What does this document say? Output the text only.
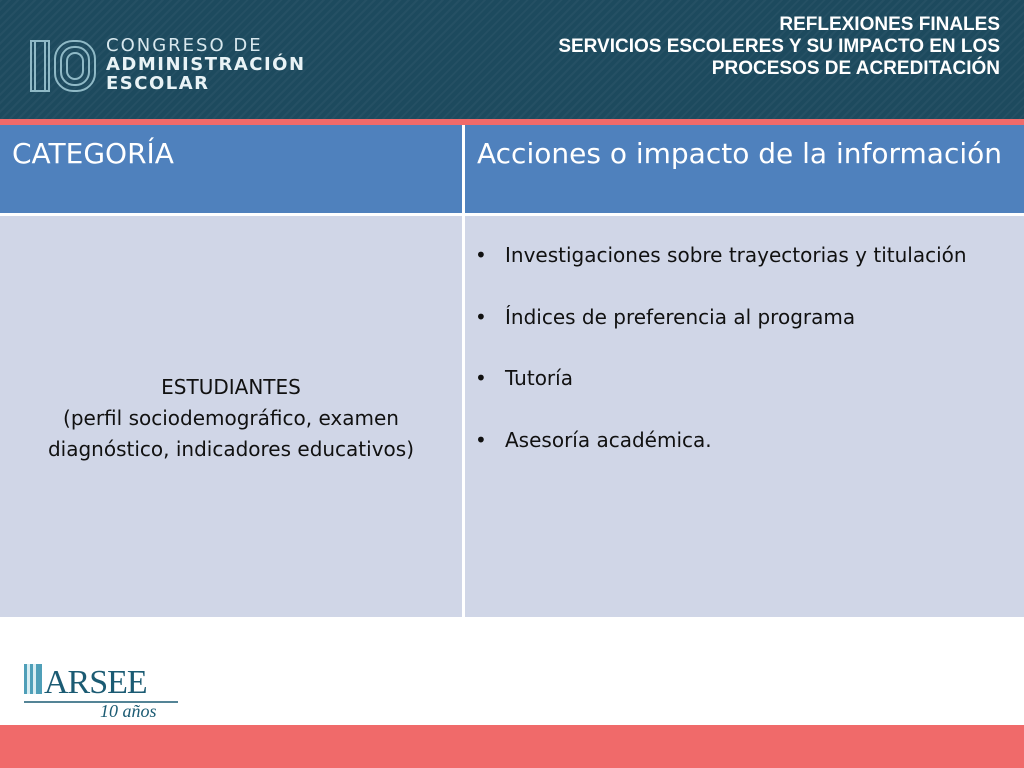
CONGRESO DE
ADMINISTRACIÓN
ESCOLAR
REFLEXIONES FINALES
SERVICIOS ESCOLERES Y SU IMPACTO EN LOS
PROCESOS DE ACREDITACIÓN
CATEGORÍA	Acciones o impacto de la información
ESTUDIANTES
(perfil sociodemográfico, examen
diagnóstico, indicadores educativos)
• Investigaciones sobre trayectorias y titulación
• Índices de preferencia al programa
• Tutoría
• Asesoría académica.
ARSEE
10 años
